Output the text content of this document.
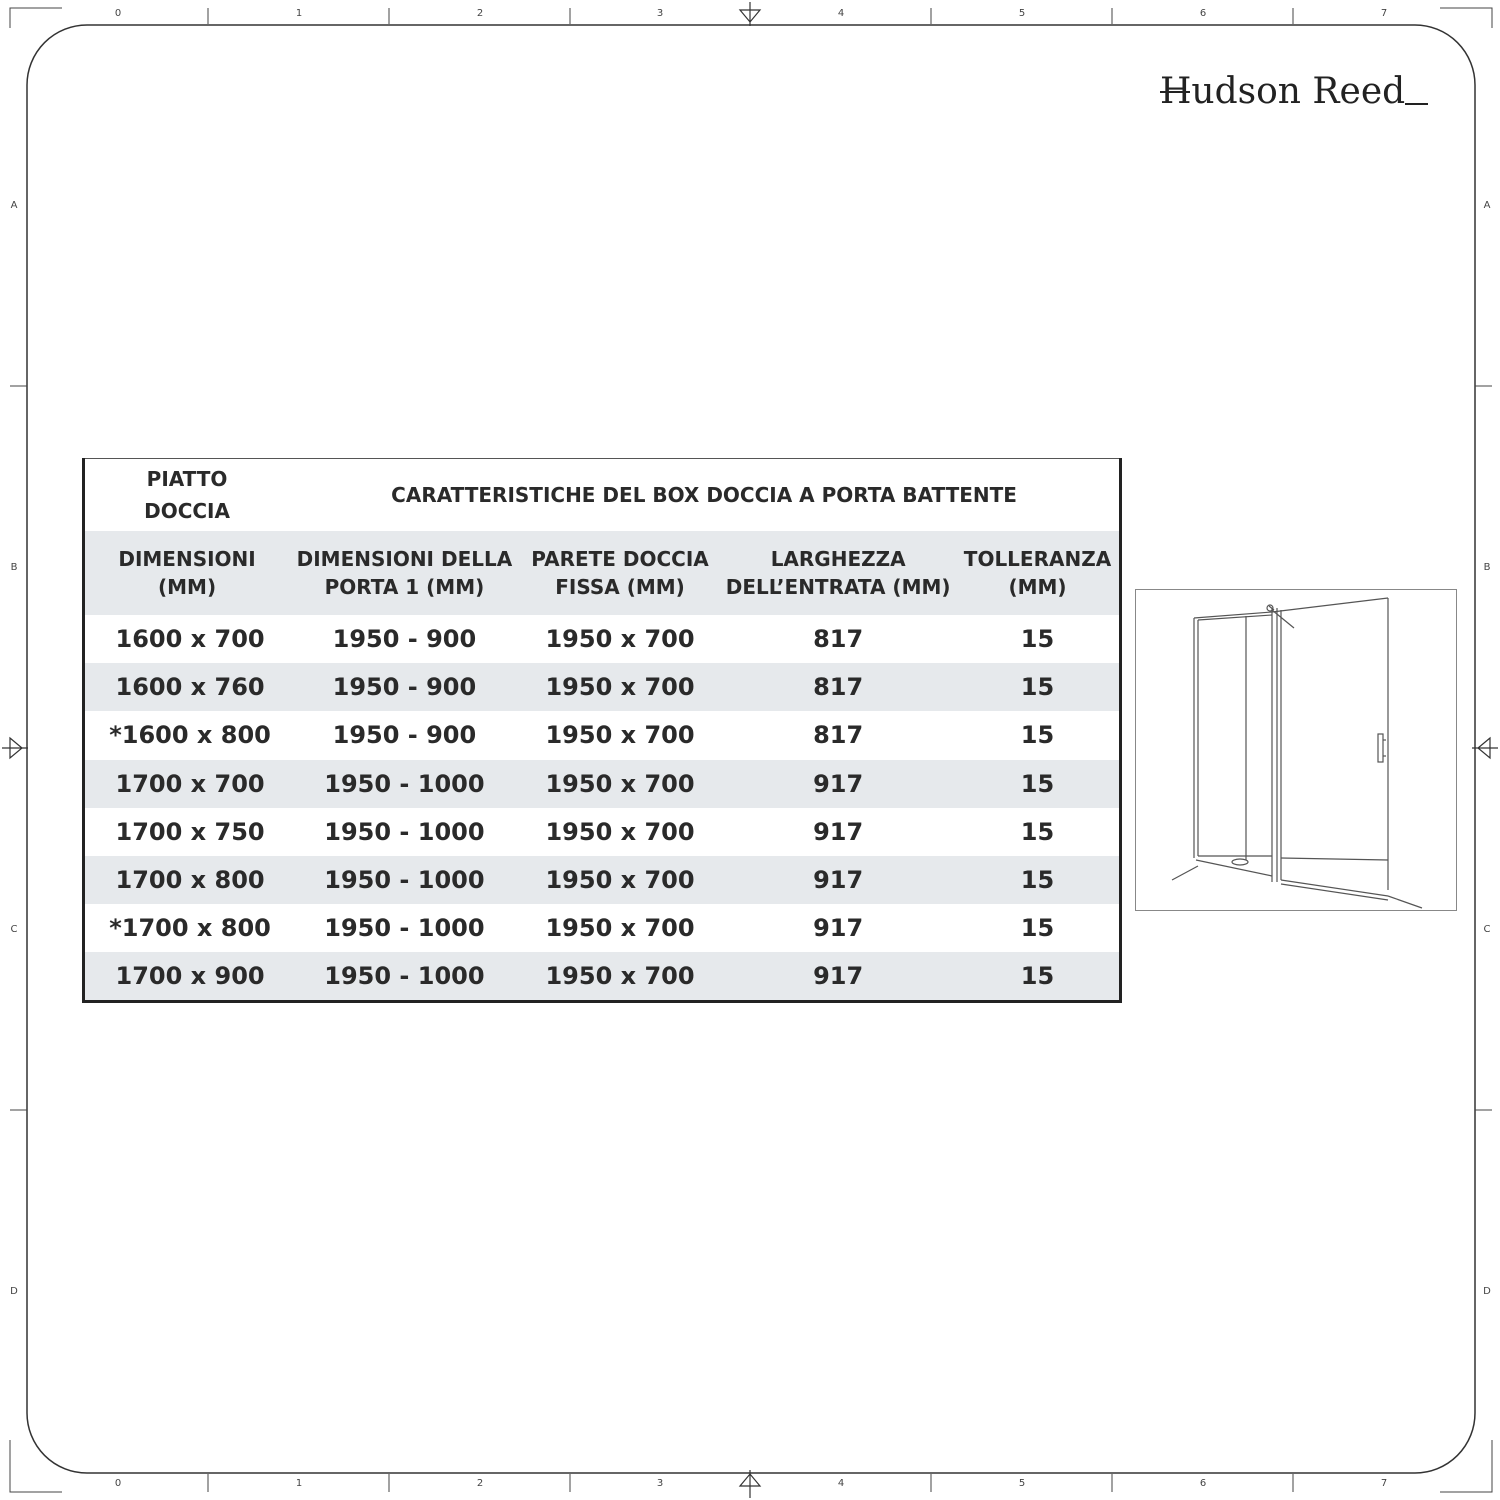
0	1	2	3	4	5	6	7
0	1	2	3	4	5	6	7
A
B
C
D
A
B
C
D
Hudson Reed
PIATTO DOCCIA	CARATTERISTICHE DEL BOX DOCCIA A PORTA BATTENTE			

DIMENSIONI (MM)	DIMENSIONI DELLA PORTA 1 (MM)	PARETE DOCCIA FISSA (MM)	LARGHEZZA DELL’ENTRATA (MM)	TOLLERANZA (MM)

1600 x 700	1950 - 900	1950 x 700	817	15
1600 x 760	1950 - 900	1950 x 700	817	15
*1600 x 800	1950 - 900	1950 x 700	817	15
1700 x 700	1950 - 1000	1950 x 700	917	15
1700 x 750	1950 - 1000	1950 x 700	917	15
1700 x 800	1950 - 1000	1950 x 700	917	15
*1700 x 800	1950 - 1000	1950 x 700	917	15
1700 x 900	1950 - 1000	1950 x 700	917	15
